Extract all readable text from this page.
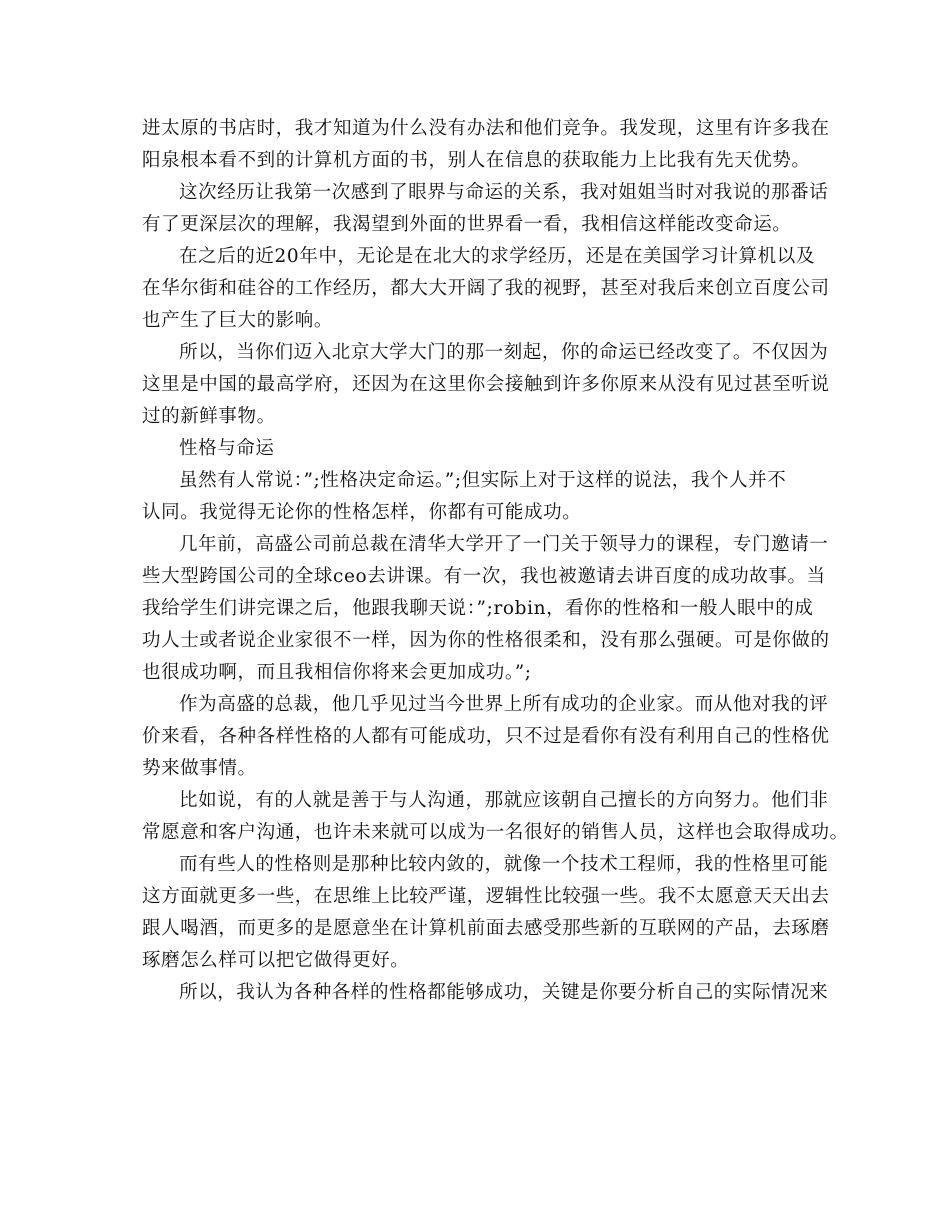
进太原的书店时，我才知道为什么没有办法和他们竞争。我发现，这里有许多我在
阳泉根本看不到的计算机方面的书，别人在信息的获取能力上比我有先天优势。
这次经历让我第一次感到了眼界与命运的关系，我对姐姐当时对我说的那番话
有了更深层次的理解，我渴望到外面的世界看一看，我相信这样能改变命运。
在之后的近20年中，无论是在北大的求学经历，还是在美国学习计算机以及
在华尔街和硅谷的工作经历，都大大开阔了我的视野，甚至对我后来创立百度公司
也产生了巨大的影响。
所以，当你们迈入北京大学大门的那一刻起，你的命运已经改变了。不仅因为
这里是中国的最高学府，还因为在这里你会接触到许多你原来从没有见过甚至听说
过的新鲜事物。
性格与命运
虽然有人常说：”;性格决定命运。”;但实际上对于这样的说法，我个人并不
认同。我觉得无论你的性格怎样，你都有可能成功。
几年前，高盛公司前总裁在清华大学开了一门关于领导力的课程，专门邀请一
些大型跨国公司的全球ceo去讲课。有一次，我也被邀请去讲百度的成功故事。当
我给学生们讲完课之后，他跟我聊天说：”;robin，看你的性格和一般人眼中的成
功人士或者说企业家很不一样，因为你的性格很柔和，没有那么强硬。可是你做的
也很成功啊，而且我相信你将来会更加成功。”;
作为高盛的总裁，他几乎见过当今世界上所有成功的企业家。而从他对我的评
价来看，各种各样性格的人都有可能成功，只不过是看你有没有利用自己的性格优
势来做事情。
比如说，有的人就是善于与人沟通，那就应该朝自己擅长的方向努力。他们非
常愿意和客户沟通，也许未来就可以成为一名很好的销售人员，这样也会取得成功。
而有些人的性格则是那种比较内敛的，就像一个技术工程师，我的性格里可能
这方面就更多一些，在思维上比较严谨，逻辑性比较强一些。我不太愿意天天出去
跟人喝酒，而更多的是愿意坐在计算机前面去感受那些新的互联网的产品，去琢磨
琢磨怎么样可以把它做得更好。
所以，我认为各种各样的性格都能够成功，关键是你要分析自己的实际情况来
